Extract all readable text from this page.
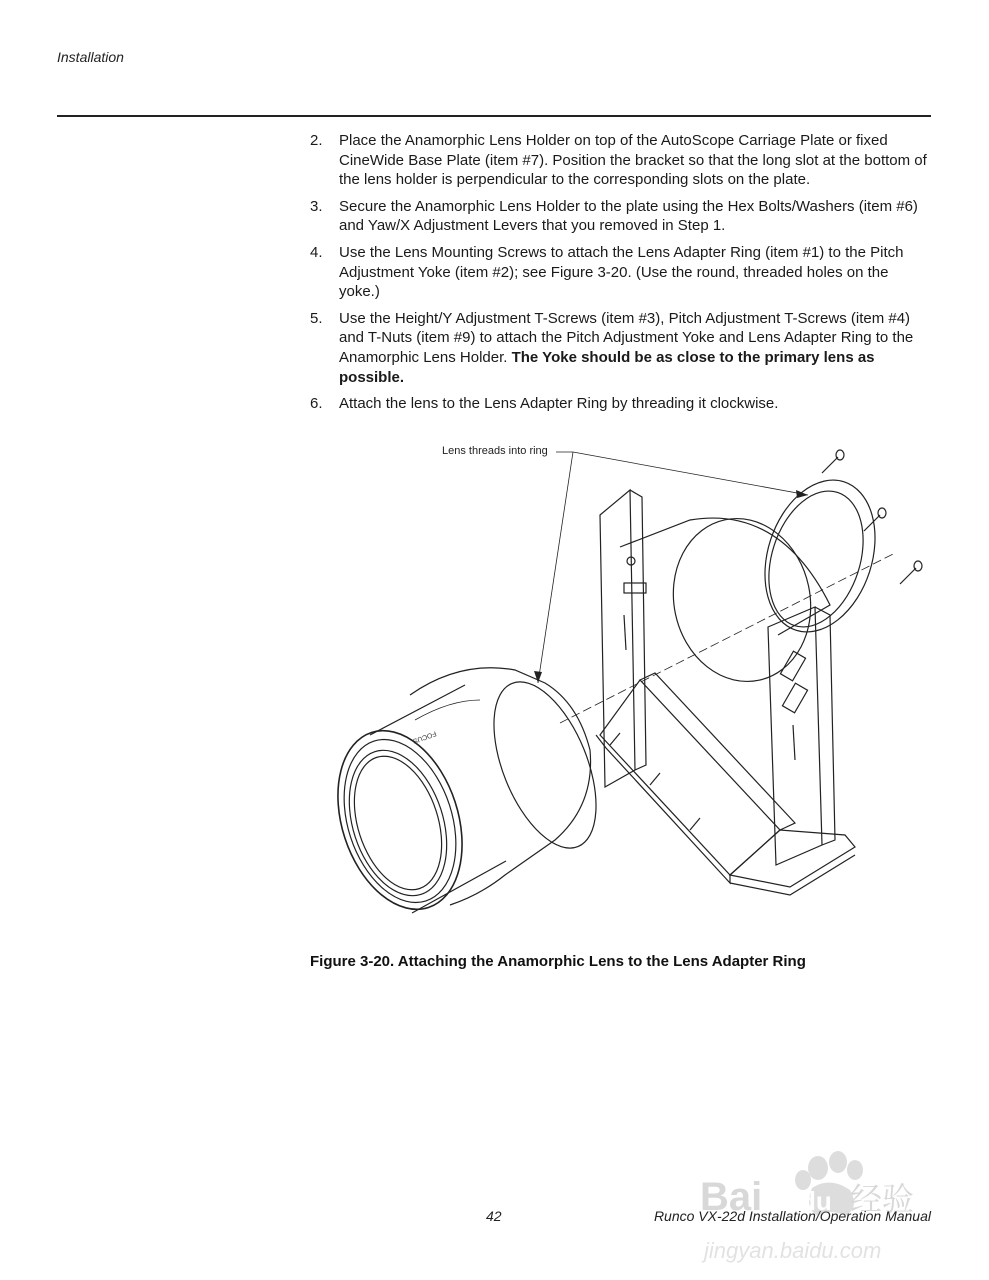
Installation
2.	Place the Anamorphic Lens Holder on top of the AutoScope Carriage Plate or fixed CineWide Base Plate (item #7). Position the bracket so that the long slot at the bottom of the lens holder is perpendicular to the corresponding slots on the plate.
3.	Secure the Anamorphic Lens Holder to the plate using the Hex Bolts/Washers (item #6) and Yaw/X Adjustment Levers that you removed in Step 1.
4.	Use the Lens Mounting Screws to attach the Lens Adapter Ring (item #1) to the Pitch Adjustment Yoke (item #2); see Figure 3-20. (Use the round, threaded holes on the yoke.)
5.	Use the Height/Y Adjustment T-Screws (item #3), Pitch Adjustment T-Screws (item #4) and T-Nuts (item #9) to attach the Pitch Adjustment Yoke and Lens Adapter Ring to the Anamorphic Lens Holder. The Yoke should be as close to the primary lens as possible.
6.	Attach the lens to the Lens Adapter Ring by threading it clockwise.
FOCUS
Lens threads into ring
Figure 3-20. Attaching the Anamorphic Lens to the Lens Adapter Ring
42	Runco VX-22d Installation/Operation Manual
Bai du 经验
jingyan.baidu.com
